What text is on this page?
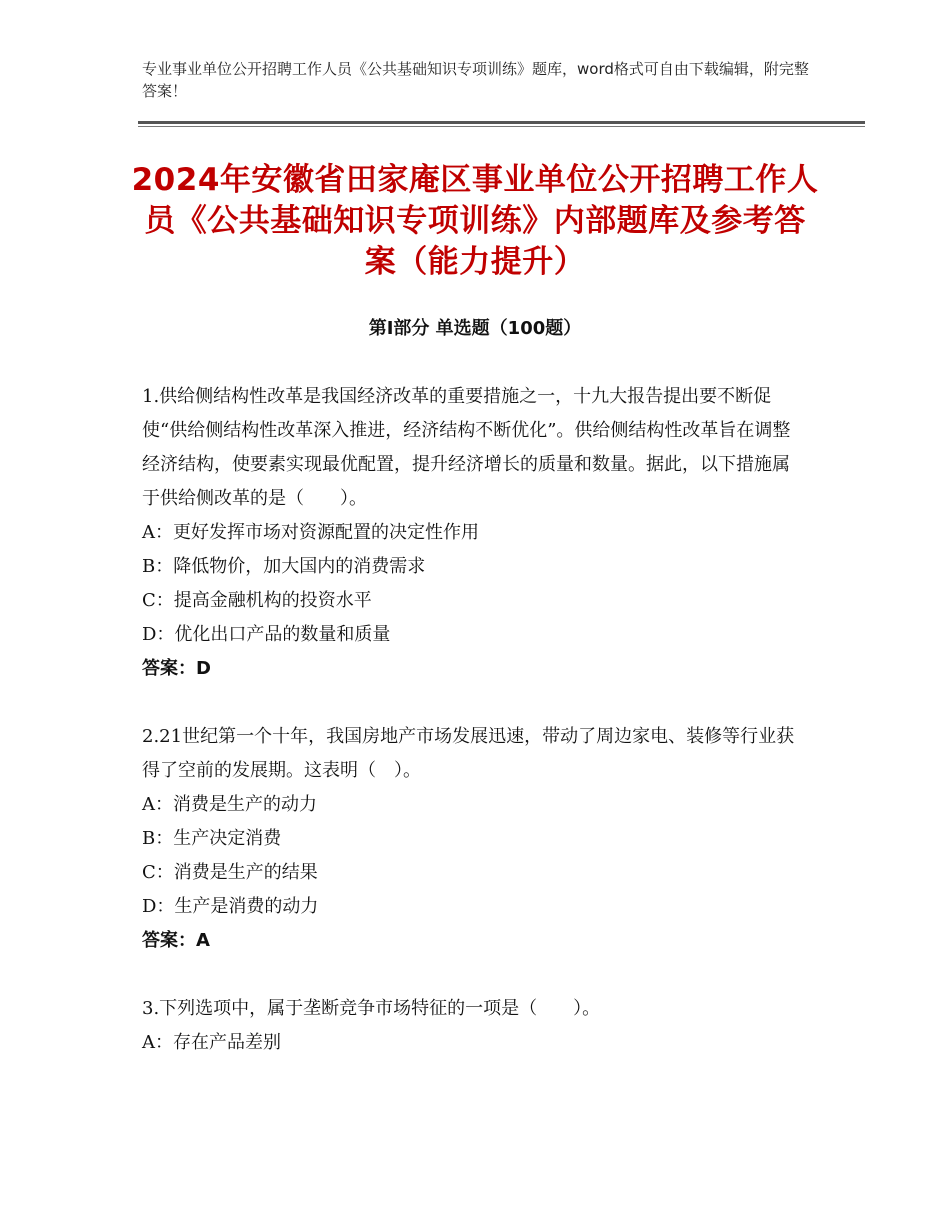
专业事业单位公开招聘工作人员《公共基础知识专项训练》题库，word格式可自由下载编辑，附完整答案！
2024年安徽省田家庵区事业单位公开招聘工作人员《公共基础知识专项训练》内部题库及参考答案（能力提升）
第Ⅰ部分 单选题（100题）

1.供给侧结构性改革是我国经济改革的重要措施之一，十九大报告提出要不断促使“供给侧结构性改革深入推进，经济结构不断优化”。供给侧结构性改革旨在调整经济结构，使要素实现最优配置，提升经济增长的质量和数量。据此，以下措施属于供给侧改革的是（　　）。

A：更好发挥市场对资源配置的决定性作用
B：降低物价，加大国内的消费需求
C：提高金融机构的投资水平
D：优化出口产品的数量和质量

答案：D

2.21世纪第一个十年，我国房地产市场发展迅速，带动了周边家电、装修等行业获得了空前的发展期。这表明（　）。

A：消费是生产的动力
B：生产决定消费
C：消费是生产的结果
D：生产是消费的动力

答案：A

3.下列选项中，属于垄断竞争市场特征的一项是（　　）。

A：存在产品差别
